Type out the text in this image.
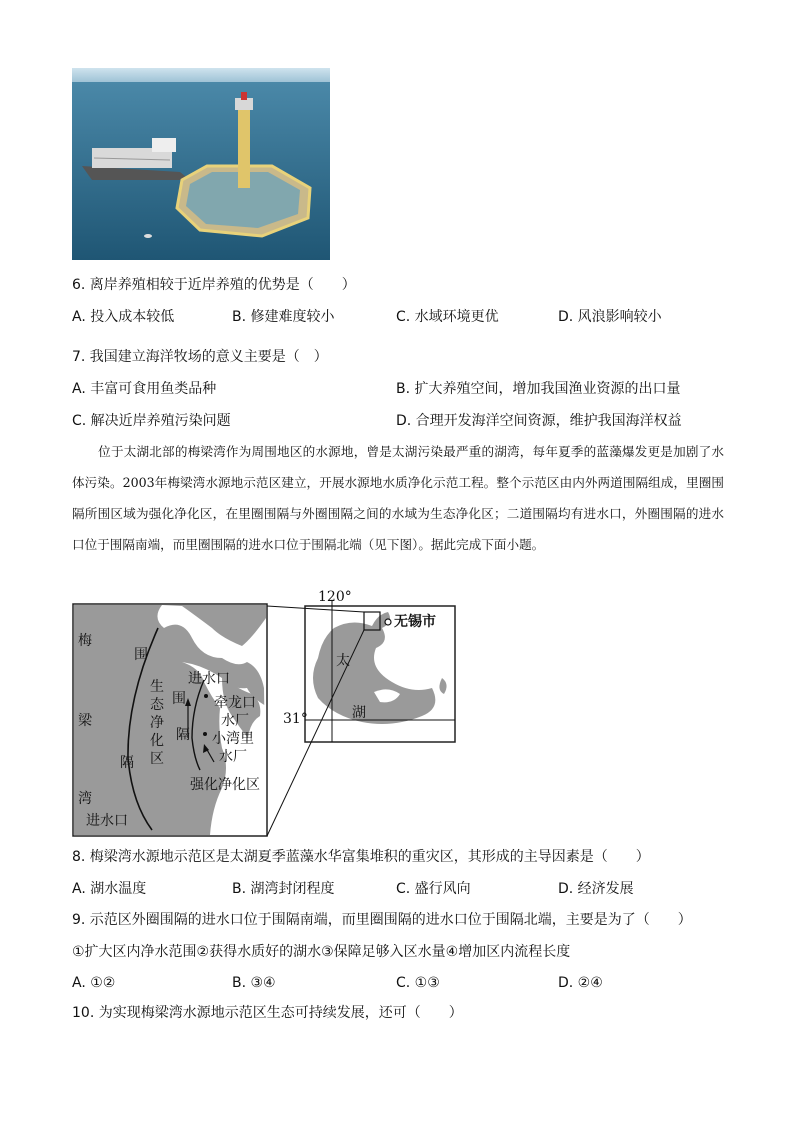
6. 离岸养殖相较于近岸养殖的优势是（　　）
A. 投入成本较低	B. 修建难度较小	C. 水域环境更优	D. 风浪影响较小
7. 我国建立海洋牧场的意义主要是（　）
A. 丰富可食用鱼类品种	B. 扩大养殖空间，增加我国渔业资源的出口量
C. 解决近岸养殖污染问题	D. 合理开发海洋空间资源，维护我国海洋权益
位于太湖北部的梅梁湾作为周围地区的水源地，曾是太湖污染最严重的湖湾，每年夏季的蓝藻爆发更是加剧了水体污染。2003年梅梁湾水源地示范区建立，开展水源地水质净化示范工程。整个示范区由内外两道围隔组成，里圈围隔所围区域为强化净化区，在里圈围隔与外圈围隔之间的水域为生态净化区；二道围隔均有进水口，外圈围隔的进水口位于围隔南端，而里圈围隔的进水口位于围隔北端（见下图）。据此完成下面小题。
梅
梁
湾
围
隔
生
态
净
化
区
围
隔
进水口
牵龙口
水厂
小湾里
水厂
强化净化区
进水口
120°
31°
无锡市
太
湖
8. 梅梁湾水源地示范区是太湖夏季蓝藻水华富集堆积的重灾区，其形成的主导因素是（　　）
A. 湖水温度	B. 湖湾封闭程度	C. 盛行风向	D. 经济发展
9. 示范区外圈围隔的进水口位于围隔南端，而里圈围隔的进水口位于围隔北端，主要是为了（　　）
①扩大区内净水范围②获得水质好的湖水③保障足够入区水量④增加区内流程长度
A. ①②	B. ③④	C. ①③	D. ②④
10. 为实现梅梁湾水源地示范区生态可持续发展，还可（　　）
